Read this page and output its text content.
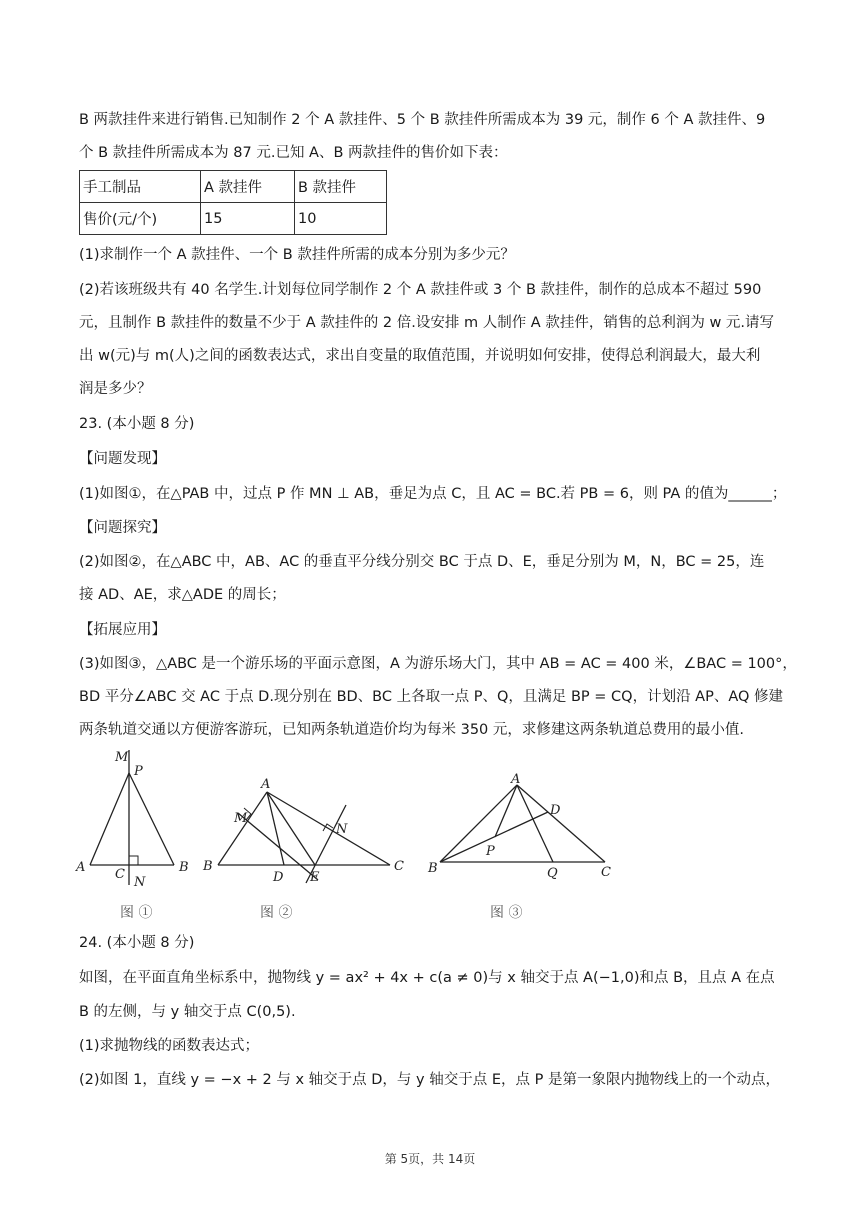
B 两款挂件来进行销售.已知制作 2 个 A 款挂件、5 个 B 款挂件所需成本为 39 元，制作 6 个 A 款挂件、9
个 B 款挂件所需成本为 87 元.已知 A、B 两款挂件的售价如下表：
手工制品	A 款挂件	B 款挂件
售价(元/个)	15	10
(1)求制作一个 A 款挂件、一个 B 款挂件所需的成本分别为多少元？
(2)若该班级共有 40 名学生.计划每位同学制作 2 个 A 款挂件或 3 个 B 款挂件，制作的总成本不超过 590
元，且制作 B 款挂件的数量不少于 A 款挂件的 2 倍.设安排 m 人制作 A 款挂件，销售的总利润为 w 元.请写
出 w(元)与 m(人)之间的函数表达式，求出自变量的取值范围，并说明如何安排，使得总利润最大，最大利
润是多少？
23. (本小题 8 分)
【问题发现】
(1)如图①，在△PAB 中，过点 P 作 MN ⊥ AB，垂足为点 C，且 AC = BC.若 PB = 6，则 PA 的值为______；
【问题探究】
(2)如图②，在△ABC 中，AB、AC 的垂直平分线分别交 BC 于点 D、E，垂足分别为 M，N，BC = 25，连
接 AD、AE，求△ADE 的周长；
【拓展应用】
(3)如图③，△ABC 是一个游乐场的平面示意图，A 为游乐场大门，其中 AB = AC = 400 米，∠BAC = 100°，
BD 平分∠ABC 交 AC 于点 D.现分别在 BD、BC 上各取一点 P、Q，且满足 BP = CQ，计划沿 AP、AQ 修建
两条轨道交通以方便游客游玩，已知两条轨道造价均为每米 350 元，求修建这两条轨道总费用的最小值.
M
P
A C	B
N
图 ①
A
M
N
B
D E
C
图 ②
A
D
P
B	Q	C
图 ③
24. (本小题 8 分)
如图，在平面直角坐标系中，抛物线 y = ax² + 4x + c(a ≠ 0)与 x 轴交于点 A(−1,0)和点 B，且点 A 在点
B 的左侧，与 y 轴交于点 C(0,5).
(1)求抛物线的函数表达式；
(2)如图 1，直线 y = −x + 2 与 x 轴交于点 D，与 y 轴交于点 E，点 P 是第一象限内抛物线上的一个动点，
第 5页，共 14页
